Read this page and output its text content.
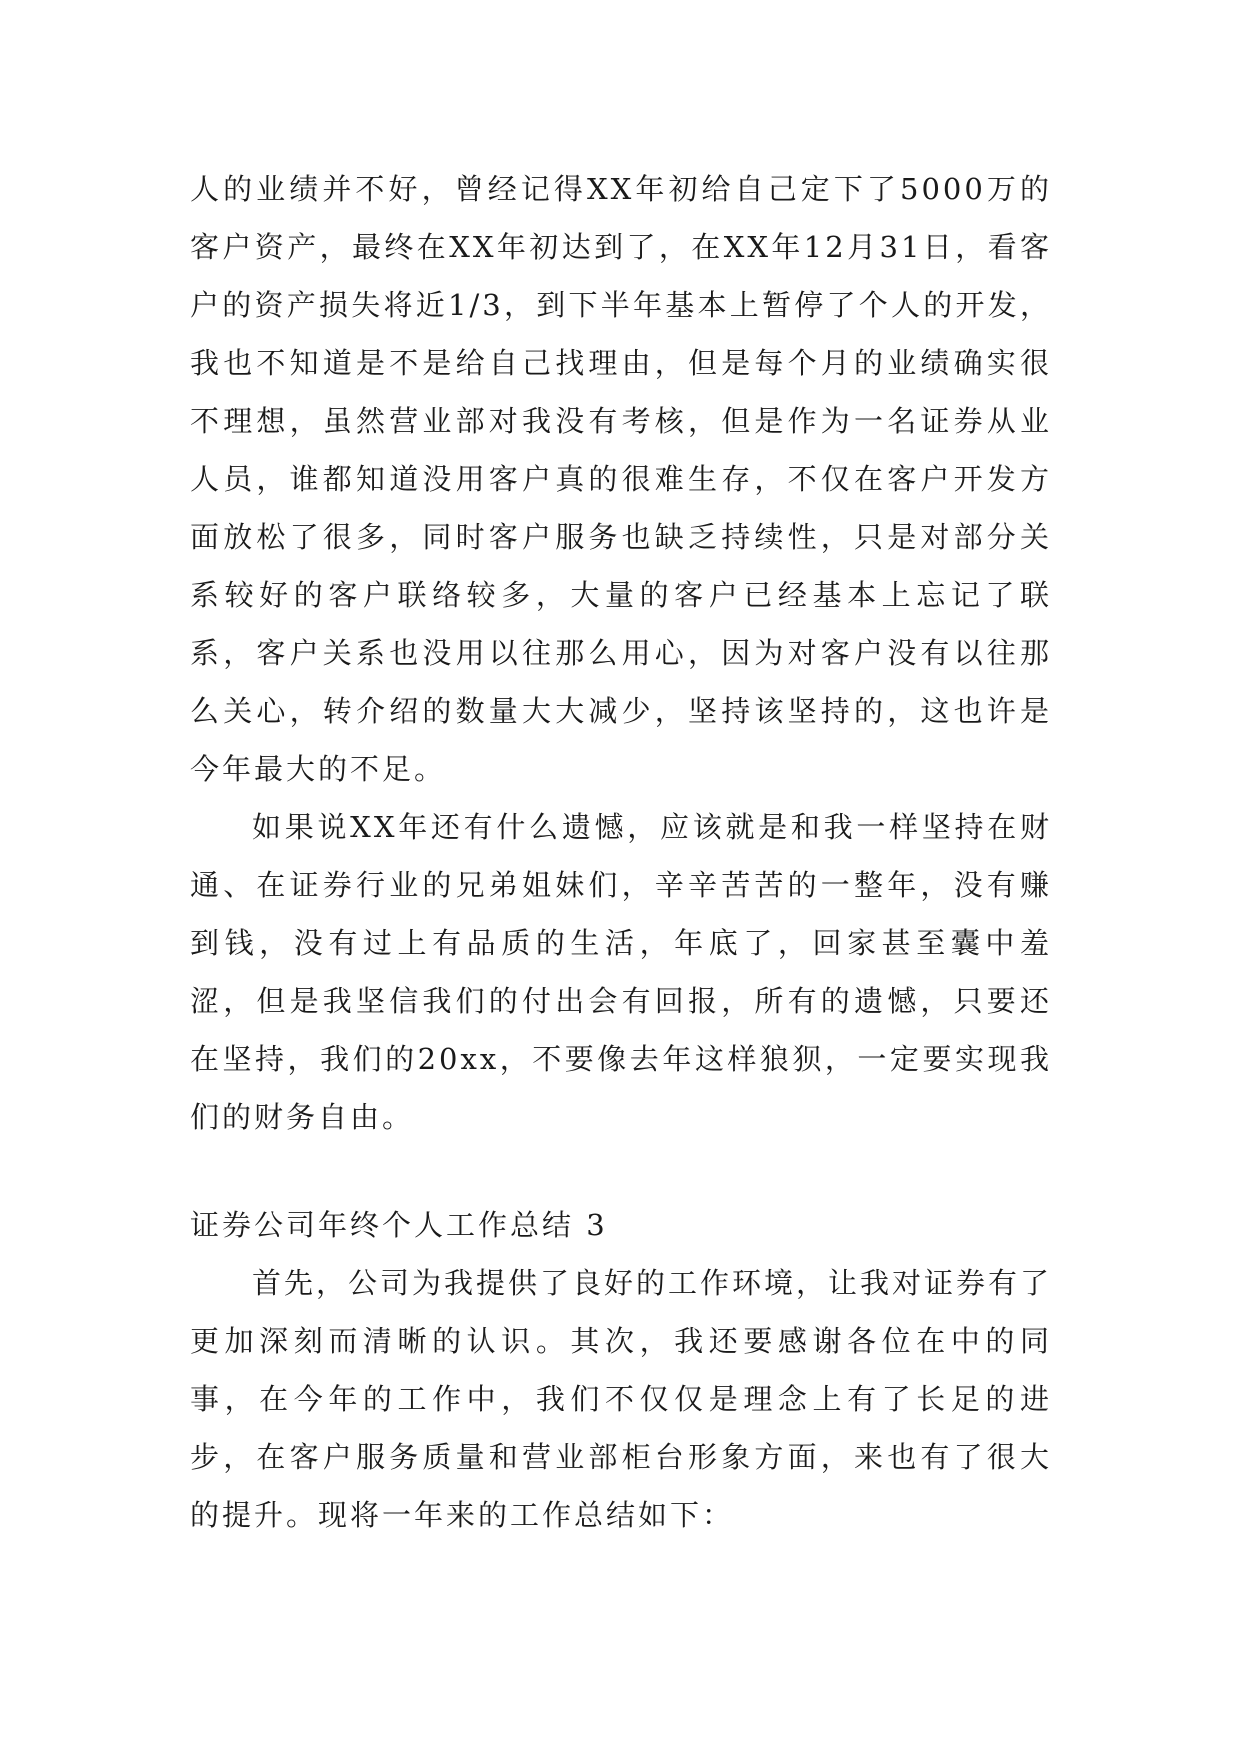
人的业绩并不好，曾经记得XX年初给自己定下了5000万的客户资产，最终在XX年初达到了，在XX年12月31日，看客户的资产损失将近1/3，到下半年基本上暂停了个人的开发，我也不知道是不是给自己找理由，但是每个月的业绩确实很不理想，虽然营业部对我没有考核，但是作为一名证券从业人员，谁都知道没用客户真的很难生存，不仅在客户开发方面放松了很多，同时客户服务也缺乏持续性，只是对部分关系较好的客户联络较多，大量的客户已经基本上忘记了联系，客户关系也没用以往那么用心，因为对客户没有以往那么关心，转介绍的数量大大减少，坚持该坚持的，这也许是今年最大的不足。

如果说XX年还有什么遗憾，应该就是和我一样坚持在财通、在证券行业的兄弟姐妹们，辛辛苦苦的一整年，没有赚到钱，没有过上有品质的生活，年底了，回家甚至囊中羞涩，但是我坚信我们的付出会有回报，所有的遗憾，只要还在坚持，我们的20xx，不要像去年这样狼狈，一定要实现我们的财务自由。

证券公司年终个人工作总结 3

首先，公司为我提供了良好的工作环境，让我对证券有了更加深刻而清晰的认识。其次，我还要感谢各位在中的同事，在今年的工作中，我们不仅仅是理念上有了长足的进步，在客户服务质量和营业部柜台形象方面，来也有了很大的提升。现将一年来的工作总结如下：
